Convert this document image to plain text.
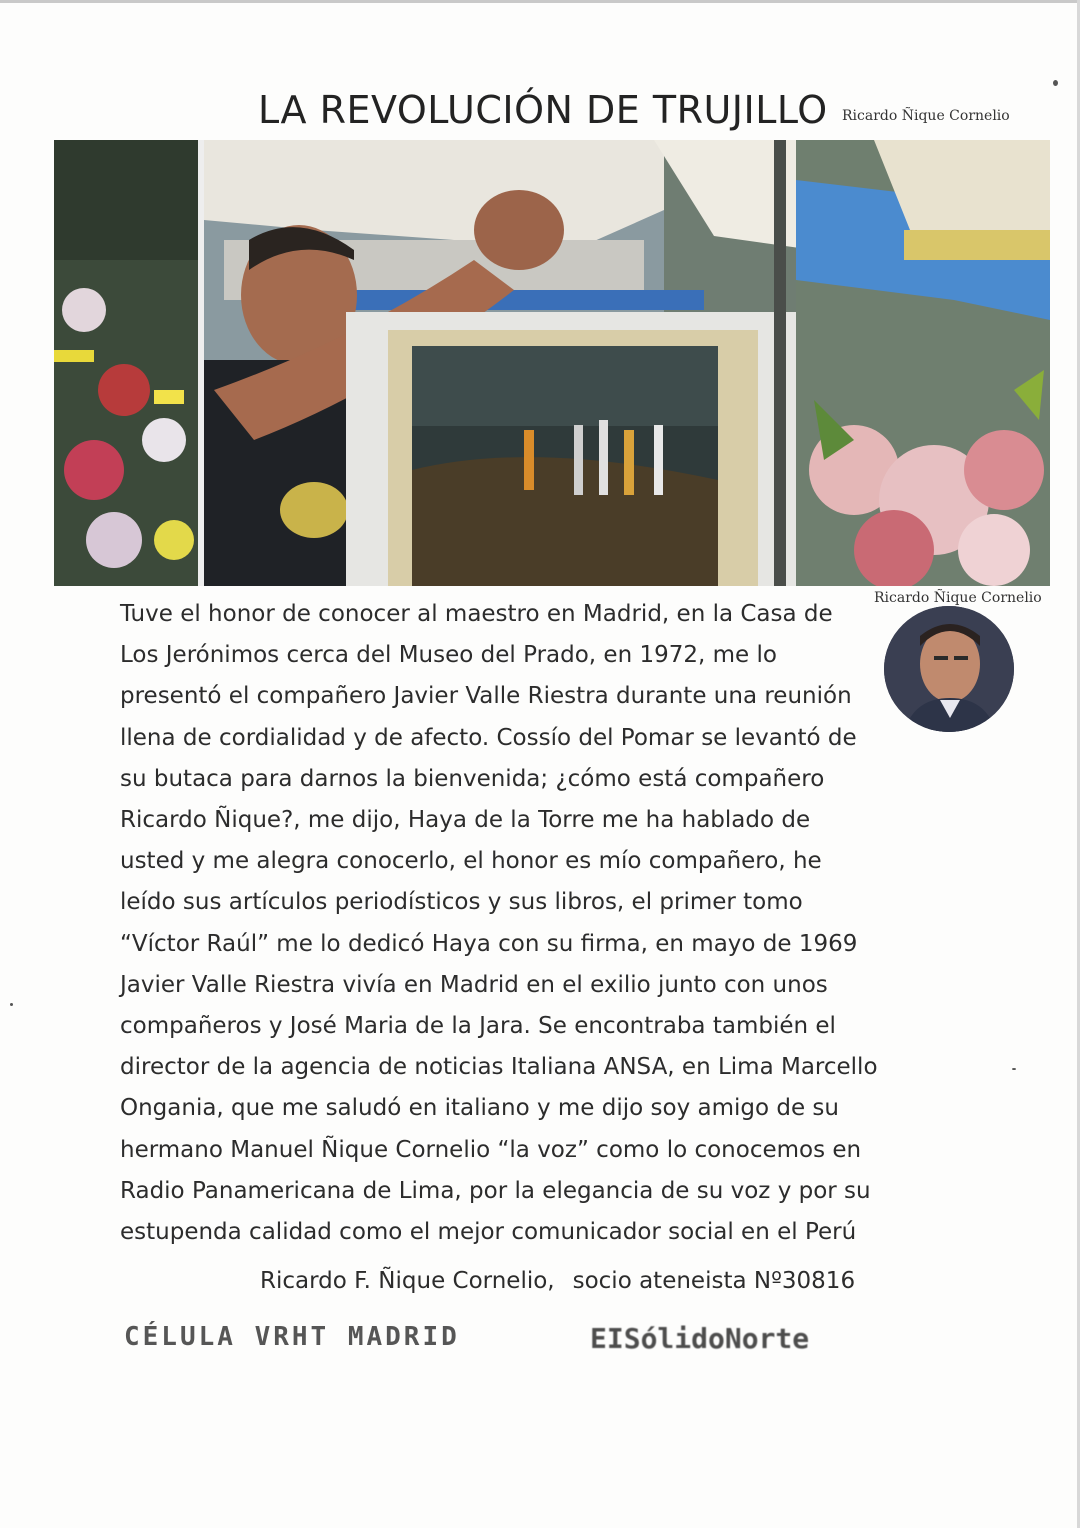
LA REVOLUCIÓN DE TRUJILLO Ricardo Ñique Cornelio
Ricardo Ñique Cornelio
Tuve el honor de conocer al maestro en Madrid, en la Casa de
Los Jerónimos cerca del Museo del Prado, en 1972, me lo
presentó el compañero Javier Valle Riestra durante una reunión
llena de cordialidad y de afecto. Cossío del Pomar se levantó de
su butaca para darnos la bienvenida; ¿cómo está compañero
Ricardo Ñique?, me dijo, Haya de la Torre me ha hablado de
usted y me alegra conocerlo, el honor es mío compañero, he
leído sus artículos periodísticos y sus libros, el primer tomo
“Víctor Raúl” me lo dedicó Haya con su firma, en mayo de 1969
Javier Valle Riestra vivía en Madrid en el exilio junto con unos
compañeros y José Maria de la Jara. Se encontraba también el
director de la agencia de noticias Italiana ANSA, en Lima Marcello
Ongania, que me saludó en italiano y me dijo soy amigo de su
hermano Manuel Ñique Cornelio “la voz” como lo conocemos en
Radio Panamericana de Lima, por la elegancia de su voz y por su
estupenda calidad como el mejor comunicador social en el Perú
Ricardo F. Ñique Cornelio, socio ateneista Nº30816
CÉLULA VRHT MADRID	EISólidoNorte
